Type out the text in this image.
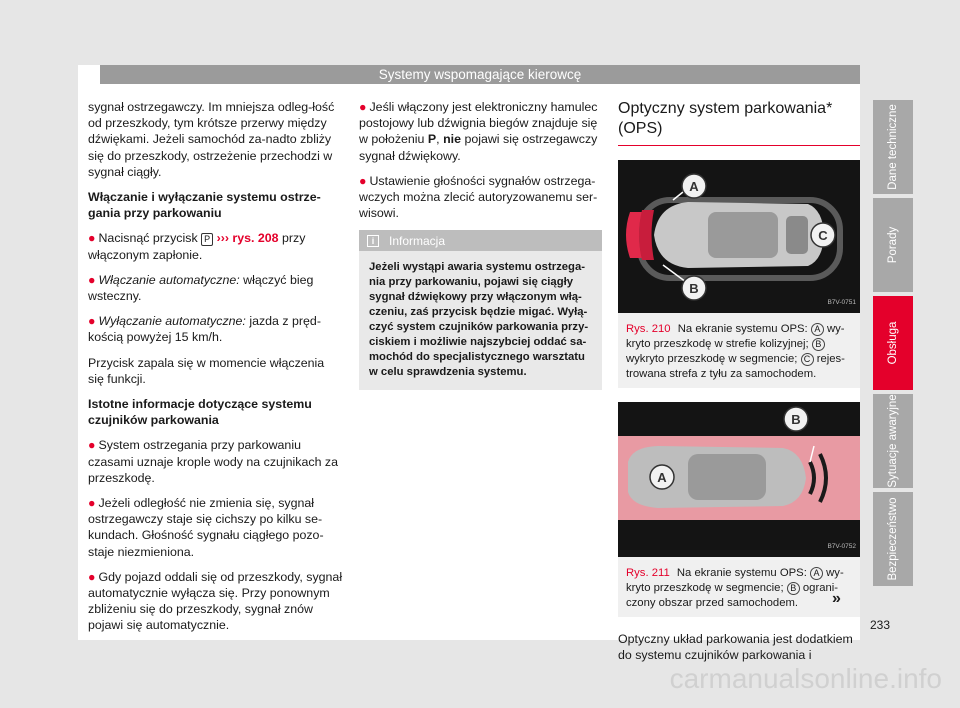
Systemy wspomagające kierowcę

sygnał ostrzegawczy. Im mniejsza odleg-łość od przeszkody, tym krótsze przerwy między dźwiękami. Jeżeli samochód za-nadto zbliży się do przeszkody, ostrzeżenie przechodzi w sygnał ciągły.

Włączanie i wyłączanie systemu ostrze-gania przy parkowaniu

● Nacisnąć przycisk P ››› rys. 208 przy włączonym zapłonie.

● Włączanie automatyczne: włączyć bieg wsteczny.

● Wyłączanie automatyczne: jazda z pręd-kością powyżej 15 km/h.

Przycisk zapala się w momencie włączenia się funkcji.

Istotne informacje dotyczące systemu czujników parkowania

● System ostrzegania przy parkowaniu czasami uznaje krople wody na czujnikach za przeszkodę.

● Jeżeli odległość nie zmienia się, sygnał ostrzegawczy staje się cichszy po kilku se-kundach. Głośność sygnału ciągłego pozo-staje niezmieniona.

● Gdy pojazd oddali się od przeszkody, sygnał automatycznie wyłącza się. Przy ponownym zbliżeniu się do przeszkody, sygnał znów pojawi się automatycznie.

● Jeśli włączony jest elektroniczny hamulec postojowy lub dźwignia biegów znajduje się w położeniu P, nie pojawi się ostrzegawczy sygnał dźwiękowy.

● Ustawienie głośności sygnałów ostrzega-wczych można zlecić autoryzowanemu ser-wisowi.

i	Informacja
Jeżeli wystąpi awaria systemu ostrzega-nia przy parkowaniu, pojawi się ciągły sygnał dźwiękowy przy włączonym włą-czeniu, zaś przycisk będzie migać. Wyłą-czyć system czujników parkowania przy-ciskiem i możliwie najszybciej oddać sa-mochód do specjalistycznego warsztatu w celu sprawdzenia systemu.
Optyczny system parkowania* (OPS)
A
B
C
B7V-0751
Rys. 210 Na ekranie systemu OPS: A wy-kryto przeszkodę w strefie kolizyjnej; B wykryto przeszkodę w segmencie; C rejes-trowana strefa z tyłu za samochodem.
B
A
B7V-0752
Rys. 211 Na ekranie systemu OPS: A wy-kryto przeszkodę w segmencie; B ograni-czony obszar przed samochodem.

Optyczny układ parkowania jest dodatkiem do systemu czujników parkowania i

»
Dane techniczne
Porady
Obsługa
Sytuacje awaryjne
Bezpieczeństwo
233
carmanualsonline.info
